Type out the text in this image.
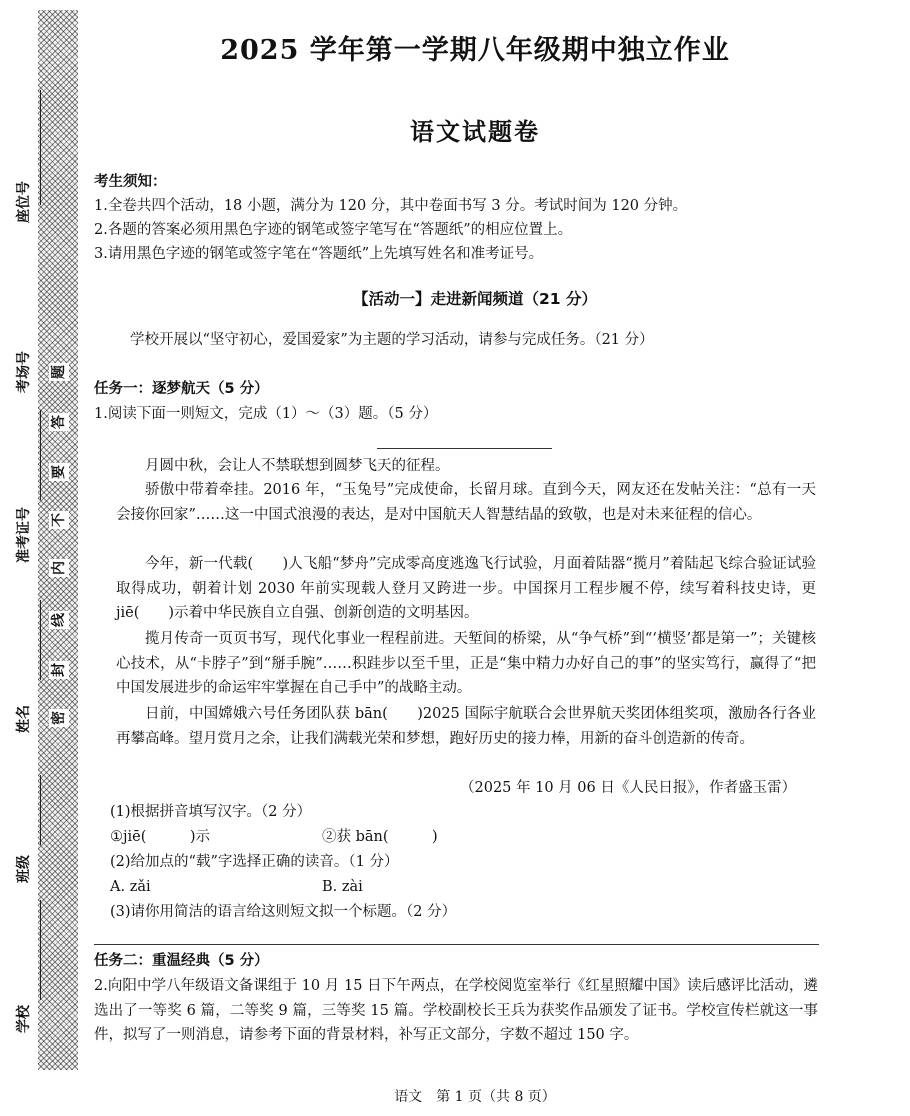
题
答
要
不
内
线
封
密
座位号
考场号
准考证号
姓名
班级
学校
2025 学年第一学期八年级期中独立作业
语文试题卷
考生须知：
1.全卷共四个活动，18 小题，满分为 120 分，其中卷面书写 3 分。考试时间为 120 分钟。
2.各题的答案必须用黑色字迹的钢笔或签字笔写在“答题纸”的相应位置上。
3.请用黑色字迹的钢笔或签字笔在“答题纸”上先填写姓名和准考证号。
【活动一】走进新闻频道（21 分）
学校开展以“坚守初心，爱国爱家”为主题的学习活动，请参与完成任务。（21 分）
任务一：逐梦航天（5 分）
1.阅读下面一则短文，完成（1）～（3）题。（5 分）
月圆中秋，会让人不禁联想到圆梦飞天的征程。
骄傲中带着牵挂。2016 年，“玉兔号”完成使命，长留月球。直到今天，网友还在发帖关注：“总有一天会接你回家”……这一中国式浪漫的表达，是对中国航天人智慧结晶的致敬，也是对未来征程的信心。
今年，新一代载(　　)人飞船“梦舟”完成零高度逃逸飞行试验，月面着陆器“揽月”着陆起飞综合验证试验取得成功，朝着计划 2030 年前实现载人登月又跨进一步。中国探月工程步履不停，续写着科技史诗，更 jiē(　　)示着中华民族自立自强、创新创造的文明基因。
揽月传奇一页页书写，现代化事业一程程前进。天堑间的桥梁，从“争气桥”到“‘横竖’都是第一”；关键核心技术，从“卡脖子”到“掰手腕”……积跬步以至千里，正是“集中精力办好自己的事”的坚实笃行，赢得了“把中国发展进步的命运牢牢掌握在自己手中”的战略主动。
日前，中国嫦娥六号任务团队获 bān(　　)2025 国际宇航联合会世界航天奖团体组奖项，激励各行各业再攀高峰。望月赏月之余，让我们满载光荣和梦想，跑好历史的接力棒，用新的奋斗创造新的传奇。
（2025 年 10 月 06 日《人民日报》，作者盛玉雷）
(1)根据拼音填写汉字。（2 分）
①jiē(　　　)示	②获 bān(　　　)
(2)给加点的“载”字选择正确的读音。（1 分）
A. zǎi	B. zài
(3)请你用简洁的语言给这则短文拟一个标题。（2 分）
任务二：重温经典（5 分）
2.向阳中学八年级语文备课组于 10 月 15 日下午两点，在学校阅览室举行《红星照耀中国》读后感评比活动，遴选出了一等奖 6 篇，二等奖 9 篇，三等奖 15 篇。学校副校长王兵为获奖作品颁发了证书。学校宣传栏就这一事件，拟写了一则消息，请参考下面的背景材料，补写正文部分，字数不超过 150 字。
语文　第 1 页（共 8 页）
